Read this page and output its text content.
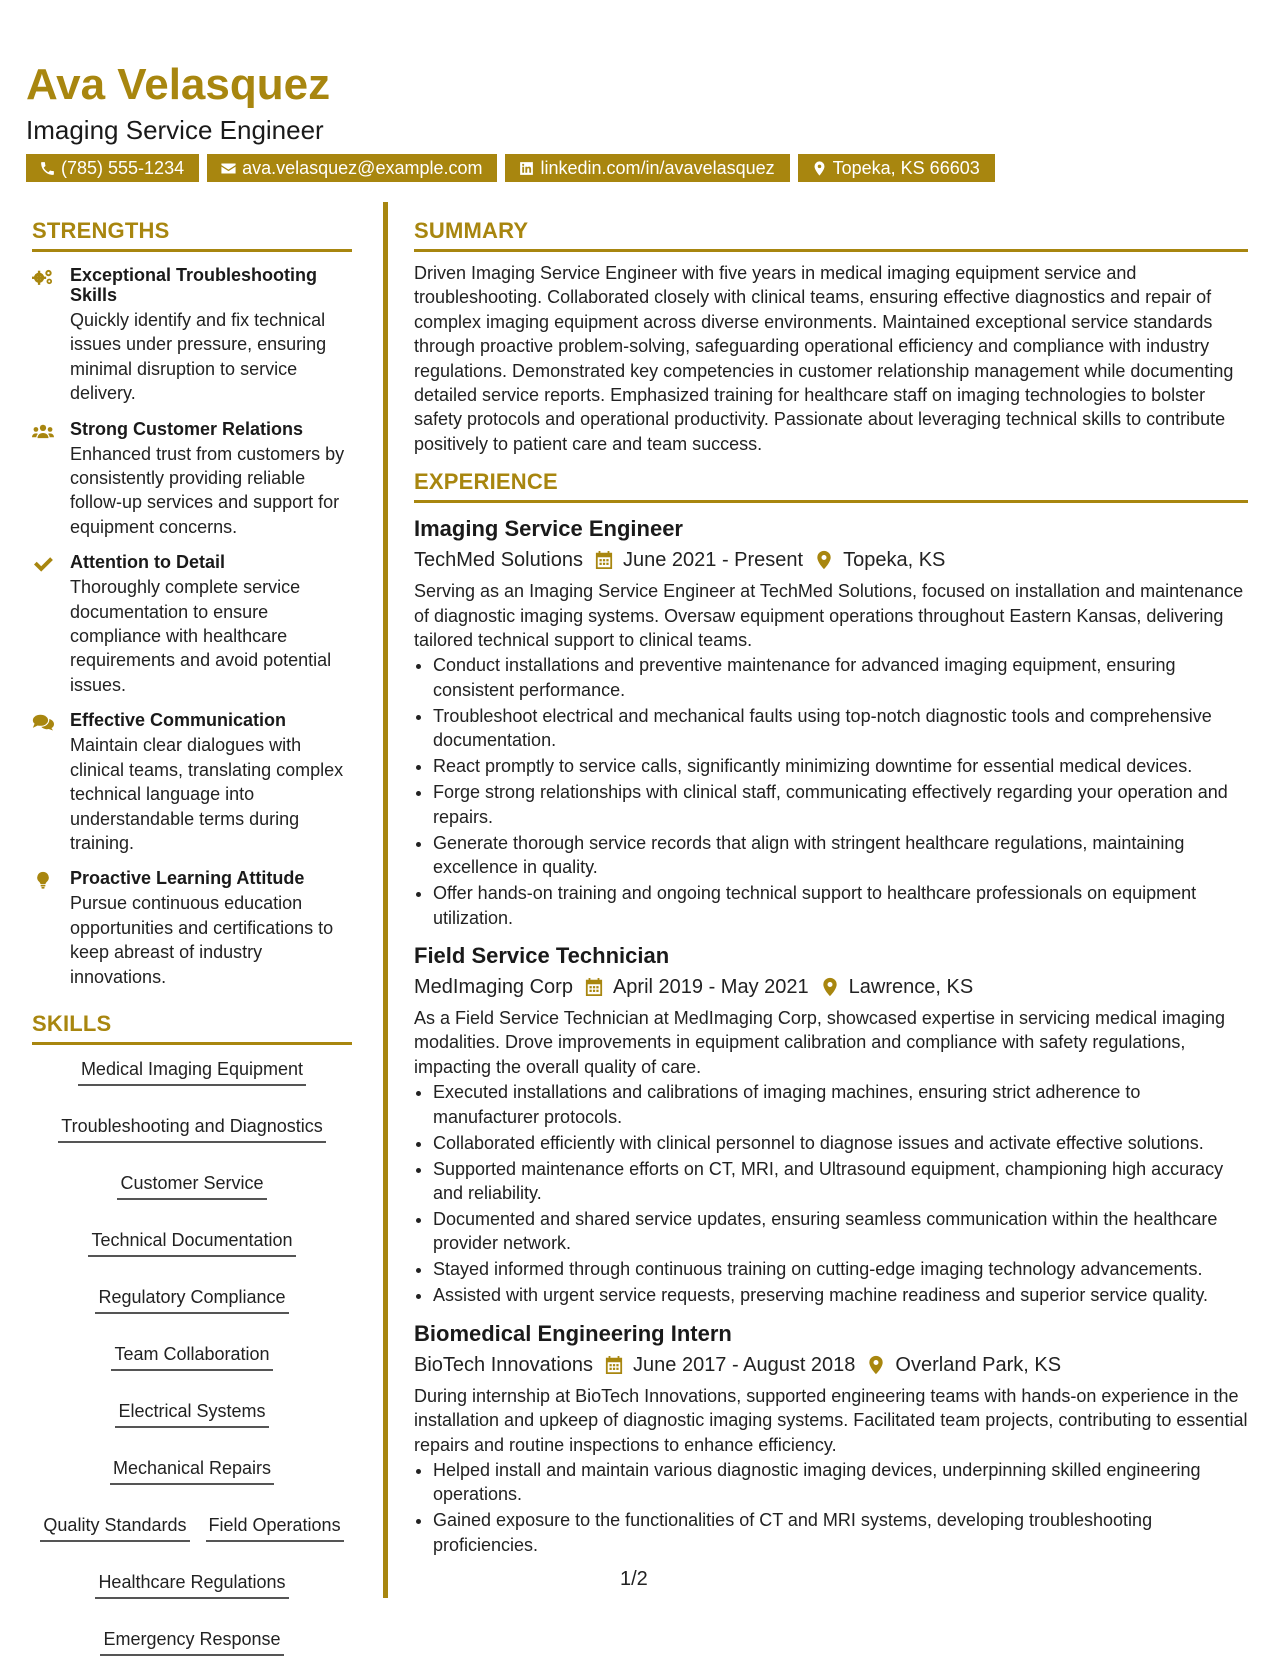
Ava Velasquez
Imaging Service Engineer
(785) 555-1234	ava.velasquez@example.com	linkedin.com/in/avavelasquez	Topeka, KS 66603
STRENGTHS
Exceptional Troubleshooting Skills
Quickly identify and fix technical issues under pressure, ensuring minimal disruption to service delivery.
Strong Customer Relations
Enhanced trust from customers by consistently providing reliable follow-up services and support for equipment concerns.
Attention to Detail
Thoroughly complete service documentation to ensure compliance with healthcare requirements and avoid potential issues.
Effective Communication
Maintain clear dialogues with clinical teams, translating complex technical language into understandable terms during training.
Proactive Learning Attitude
Pursue continuous education opportunities and certifications to keep abreast of industry innovations.
SKILLS
Medical Imaging Equipment
Troubleshooting and Diagnostics
Customer Service
Technical Documentation
Regulatory Compliance
Team Collaboration
Electrical Systems
Mechanical Repairs
Quality Standards Field Operations
Healthcare Regulations
Emergency Response
SUMMARY
Driven Imaging Service Engineer with five years in medical imaging equipment service and troubleshooting. Collaborated closely with clinical teams, ensuring effective diagnostics and repair of complex imaging equipment across diverse environments. Maintained exceptional service standards through proactive problem-solving, safeguarding operational efficiency and compliance with industry regulations. Demonstrated key competencies in customer relationship management while documenting detailed service reports. Emphasized training for healthcare staff on imaging technologies to bolster safety protocols and operational productivity. Passionate about leveraging technical skills to contribute positively to patient care and team success.
EXPERIENCE
Imaging Service Engineer
TechMed Solutions June 2021 - Present Topeka, KS
Serving as an Imaging Service Engineer at TechMed Solutions, focused on installation and maintenance of diagnostic imaging systems. Oversaw equipment operations throughout Eastern Kansas, delivering tailored technical support to clinical teams.
• Conduct installations and preventive maintenance for advanced imaging equipment, ensuring consistent performance.
• Troubleshoot electrical and mechanical faults using top-notch diagnostic tools and comprehensive documentation.
• React promptly to service calls, significantly minimizing downtime for essential medical devices.
• Forge strong relationships with clinical staff, communicating effectively regarding your operation and repairs.
• Generate thorough service records that align with stringent healthcare regulations, maintaining excellence in quality.
• Offer hands-on training and ongoing technical support to healthcare professionals on equipment utilization.
Field Service Technician
MedImaging Corp April 2019 - May 2021 Lawrence, KS
As a Field Service Technician at MedImaging Corp, showcased expertise in servicing medical imaging modalities. Drove improvements in equipment calibration and compliance with safety regulations, impacting the overall quality of care.
• Executed installations and calibrations of imaging machines, ensuring strict adherence to manufacturer protocols.
• Collaborated efficiently with clinical personnel to diagnose issues and activate effective solutions.
• Supported maintenance efforts on CT, MRI, and Ultrasound equipment, championing high accuracy and reliability.
• Documented and shared service updates, ensuring seamless communication within the healthcare provider network.
• Stayed informed through continuous training on cutting-edge imaging technology advancements.
• Assisted with urgent service requests, preserving machine readiness and superior service quality.
Biomedical Engineering Intern
BioTech Innovations June 2017 - August 2018 Overland Park, KS
During internship at BioTech Innovations, supported engineering teams with hands-on experience in the installation and upkeep of diagnostic imaging systems. Facilitated team projects, contributing to essential repairs and routine inspections to enhance efficiency.
• Helped install and maintain various diagnostic imaging devices, underpinning skilled engineering operations.
• Gained exposure to the functionalities of CT and MRI systems, developing troubleshooting proficiencies.
1/2
